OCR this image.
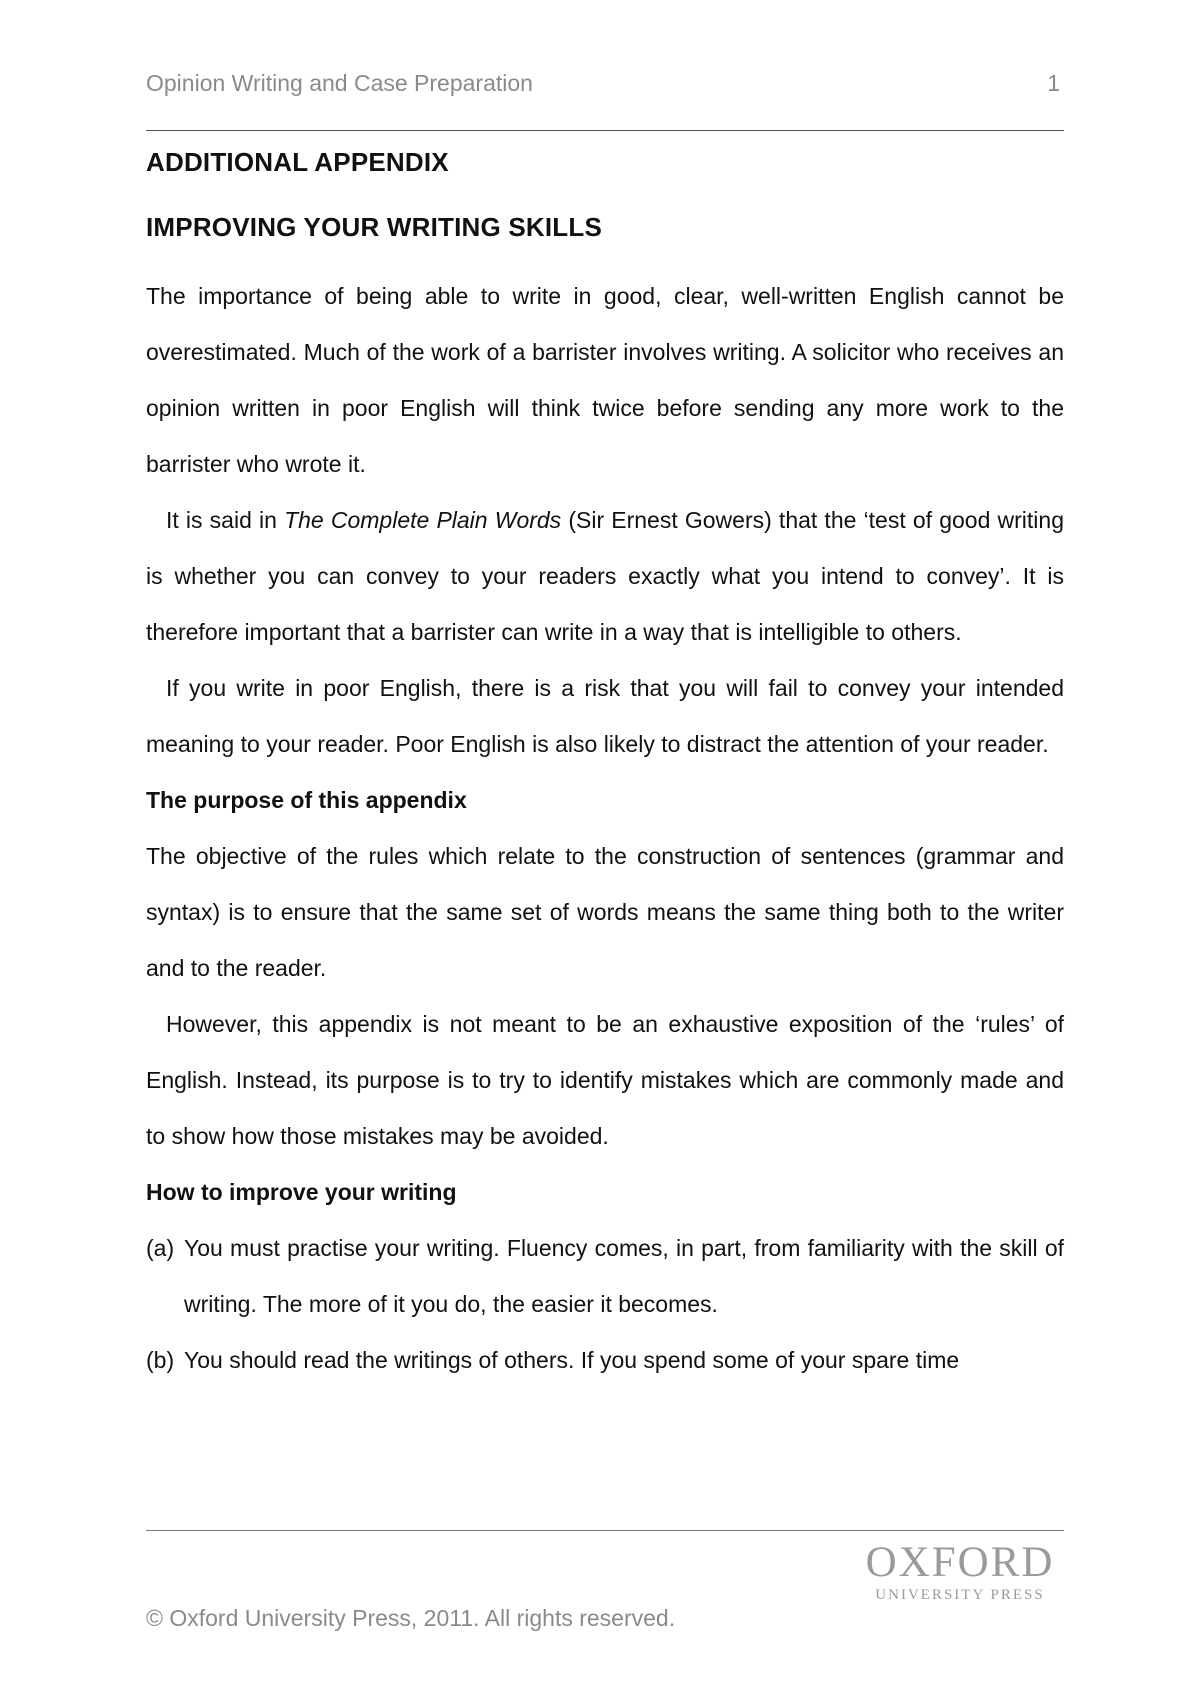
Opinion Writing and Case Preparation	1
ADDITIONAL APPENDIX
IMPROVING YOUR WRITING SKILLS

The importance of being able to write in good, clear, well-written English cannot be overestimated. Much of the work of a barrister involves writing. A solicitor who receives an opinion written in poor English will think twice before sending any more work to the barrister who wrote it.

It is said in The Complete Plain Words (Sir Ernest Gowers) that the ‘test of good writing is whether you can convey to your readers exactly what you intend to convey’. It is therefore important that a barrister can write in a way that is intelligible to others.

If you write in poor English, there is a risk that you will fail to convey your intended meaning to your reader. Poor English is also likely to distract the attention of your reader.

The purpose of this appendix

The objective of the rules which relate to the construction of sentences (grammar and syntax) is to ensure that the same set of words means the same thing both to the writer and to the reader.

However, this appendix is not meant to be an exhaustive exposition of the ‘rules’ of English. Instead, its purpose is to try to identify mistakes which are commonly made and to show how those mistakes may be avoided.

How to improve your writing

(a) You must practise your writing. Fluency comes, in part, from familiarity with the skill of writing. The more of it you do, the easier it becomes.
(b) You should read the writings of others. If you spend some of your spare time
OXFORD
UNIVERSITY PRESS
© Oxford University Press, 2011. All rights reserved.
